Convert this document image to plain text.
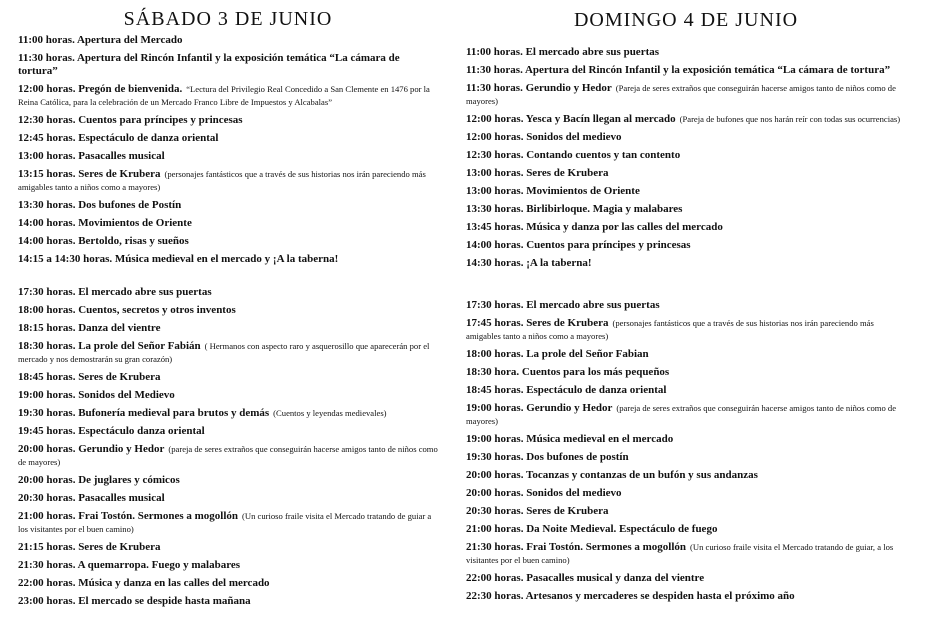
SÁBADO 3 DE JUNIO

11:00 horas. Apertura del Mercado

11:30 horas. Apertura del Rincón Infantil y la exposición temática “La cámara de tortura”

12:00 horas. Pregón de bienvenida. “Lectura del Privilegio Real Concedido a San Clemente en 1476 por la Reina Católica, para la celebración de un Mercado Franco Libre de Impuestos y Alcabalas”

12:30 horas. Cuentos para príncipes y princesas

12:45 horas. Espectáculo de danza oriental

13:00 horas. Pasacalles musical

13:15 horas. Seres de Krubera (personajes fantásticos que a través de sus historias nos irán pareciendo más amigables tanto a niños como a mayores)

13:30 horas. Dos bufones de Postín

14:00 horas. Movimientos de Oriente

14:00 horas. Bertoldo, risas y sueños

14:15 a 14:30 horas. Música medieval en el mercado y ¡A la taberna!

17:30 horas. El mercado abre sus puertas

18:00 horas. Cuentos, secretos y otros inventos

18:15 horas. Danza del vientre

18:30 horas. La prole del Señor Fabián ( Hermanos con aspecto raro y asquerosillo que aparecerán por el mercado y nos demostrarán su gran corazón)

18:45 horas. Seres de Krubera

19:00 horas. Sonidos del Medievo

19:30 horas. Bufonería medieval para brutos y demás (Cuentos y leyendas medievales)

19:45 horas. Espectáculo danza oriental

20:00 horas. Gerundio y Hedor (pareja de seres extraños que conseguirán hacerse amigos tanto de niños como de mayores)

20:00 horas. De juglares y cómicos

20:30 horas. Pasacalles musical

21:00 horas. Frai Tostón. Sermones a mogollón (Un curioso fraile visita el Mercado tratando de guiar a los visitantes por el buen camino)

21:15 horas. Seres de Krubera

21:30 horas. A quemarropa. Fuego y malabares

22:00 horas. Música y danza en las calles del mercado

23:00 horas. El mercado se despide hasta mañana

DOMINGO 4 DE JUNIO

11:00 horas. El mercado abre sus puertas

11:30 horas. Apertura del Rincón Infantil y la exposición temática “La cámara de tortura”

11:30 horas. Gerundio y Hedor (Pareja de seres extraños que conseguirán hacerse amigos tanto de niños como de mayores)

12:00 horas. Yesca y Bacín llegan al mercado (Pareja de bufones que nos harán reír con todas sus ocurrencias)

12:00 horas. Sonidos del medievo

12:30 horas. Contando cuentos y tan contento

13:00 horas. Seres de Krubera

13:00 horas. Movimientos de Oriente

13:30 horas. Birlibirloque. Magia y malabares

13:45 horas. Música y danza por las calles del mercado

14:00 horas. Cuentos para príncipes y princesas

14:30 horas. ¡A la taberna!

17:30 horas. El mercado abre sus puertas

17:45 horas. Seres de Krubera (personajes fantásticos que a través de sus historias nos irán pareciendo más amigables tanto a niños como a mayores)

18:00 horas. La prole del Señor Fabian

18:30 hora. Cuentos para los más pequeños

18:45 horas. Espectáculo de danza oriental

19:00 horas. Gerundio y Hedor (pareja de seres extraños que conseguirán hacerse amigos tanto de niños como de mayores)

19:00 horas. Música medieval en el mercado

19:30 horas. Dos bufones de postín

20:00 horas. Tocanzas y contanzas de un bufón y sus andanzas

20:00 horas. Sonidos del medievo

20:30 horas. Seres de Krubera

21:00 horas. Da Noite Medieval. Espectáculo de fuego

21:30 horas. Frai Tostón. Sermones a mogollón (Un curioso fraile visita el Mercado tratando de guiar, a los visitantes por el buen camino)

22:00 horas. Pasacalles musical y danza del vientre

22:30 horas. Artesanos y mercaderes se despiden hasta el próximo año
